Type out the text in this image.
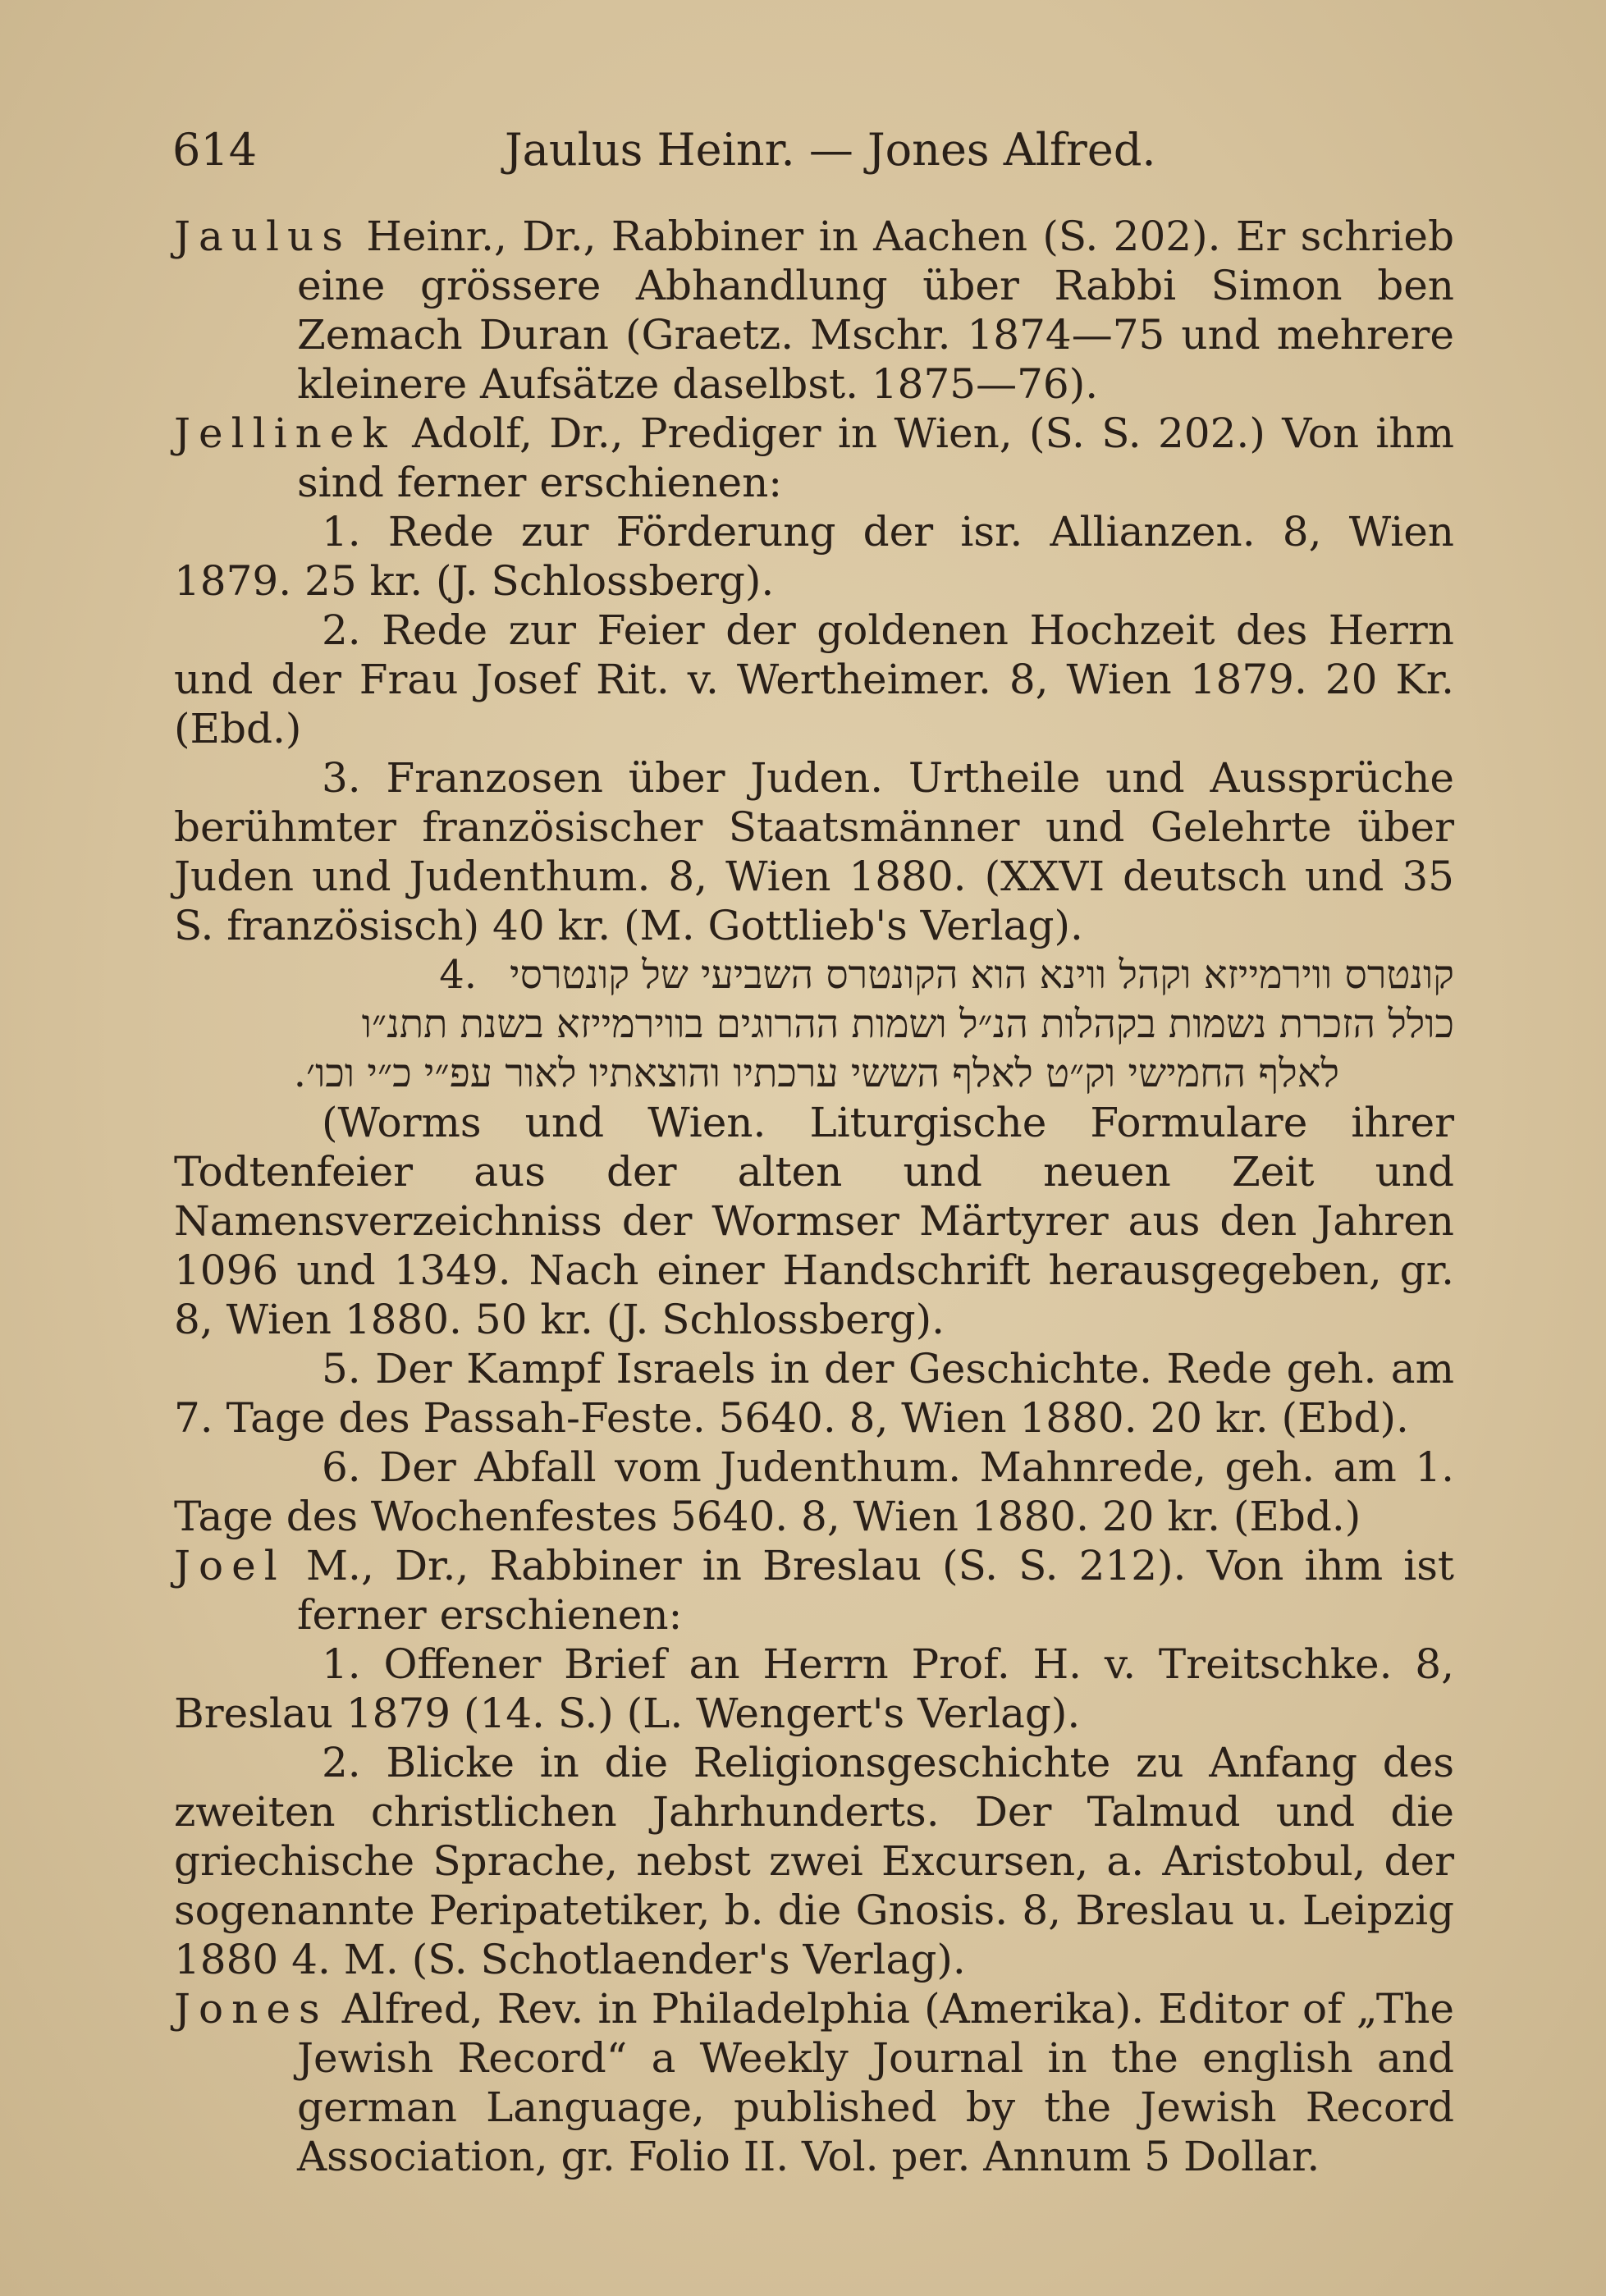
614	Jaulus Heinr. — Jones Alfred.

Jaulus Heinr., Dr., Rabbiner in Aachen (S. 202). Er schrieb eine grössere Abhandlung über Rabbi Simon ben Zemach Duran (Graetz. Mschr. 1874—75 und mehrere kleinere Aufsätze daselbst. 1875—76).

Jellinek Adolf, Dr., Prediger in Wien, (S. S. 202.) Von ihm sind ferner erschienen:

1. Rede zur Förderung der isr. Allianzen. 8, Wien 1879. 25 kr. (J. Schlossberg).

2. Rede zur Feier der goldenen Hochzeit des Herrn und der Frau Josef Rit. v. Wertheimer. 8, Wien 1879. 20 Kr. (Ebd.)

3. Franzosen über Juden. Urtheile und Aussprüche berühmter französischer Staatsmänner und Gelehrte über Juden und Judenthum. 8, Wien 1880. (XXVI deutsch und 35 S. französisch) 40 kr. (M. Gottlieb's Verlag).

קונטרס ווירמייזא וקהל ווינא הוא הקונטרס השביעי של קונטרסי4.

כולל הזכרת נשמות בקהלות הנ״ל ושמות ההרוגים בווירמייזא בשנת תתנ״ו

לאלף החמישי וק״ט לאלף הששי ערכתיו והוצאתיו לאור עפ״י כ״י וכו׳.

(Worms und Wien. Liturgische Formulare ihrer Todtenfeier aus der alten und neuen Zeit und Namensverzeichniss der Wormser Märtyrer aus den Jahren 1096 und 1349. Nach einer Handschrift herausgegeben, gr. 8, Wien 1880. 50 kr. (J. Schlossberg).

5. Der Kampf Israels in der Geschichte. Rede geh. am 7. Tage des Passah-Feste. 5640. 8, Wien 1880. 20 kr. (Ebd).

6. Der Abfall vom Judenthum. Mahnrede, geh. am 1. Tage des Wochenfestes 5640. 8, Wien 1880. 20 kr. (Ebd.)

Joel M., Dr., Rabbiner in Breslau (S. S. 212). Von ihm ist ferner erschienen:

1. Offener Brief an Herrn Prof. H. v. Treitschke. 8, Breslau 1879 (14. S.) (L. Wengert's Verlag).

2. Blicke in die Religionsgeschichte zu Anfang des zweiten christlichen Jahrhunderts. Der Talmud und die griechische Sprache, nebst zwei Excursen, a. Aristobul, der sogenannte Peripatetiker, b. die Gnosis. 8, Breslau u. Leipzig 1880 4. M. (S. Schotlaender's Verlag).

Jones Alfred, Rev. in Philadelphia (Amerika). Editor of „The Jewish Record“ a Weekly Journal in the english and german Language, published by the Jewish Record Association, gr. Folio II. Vol. per. Annum 5 Dollar.
